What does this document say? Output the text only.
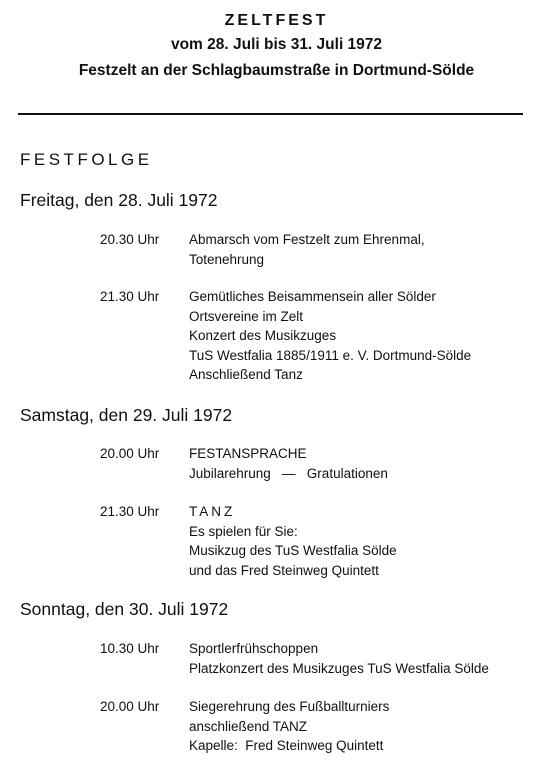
ZELTFEST
vom 28. Juli bis 31. Juli 1972
Festzelt an der Schlagbaumstraße in Dortmund-Sölde
FESTFOLGE
Freitag, den 28. Juli 1972
20.30 Uhr Abmarsch vom Festzelt zum Ehrenmal,
Totenehrung
21.30 Uhr Gemütliches Beisammensein aller Sölder
Ortsvereine im Zelt
Konzert des Musikzuges
TuS Westfalia 1885/1911 e. V. Dortmund-Sölde
Anschließend Tanz
Samstag, den 29. Juli 1972
20.00 Uhr FESTANSPRACHE
Jubilarehrung   —   Gratulationen
21.30 Uhr TANZ
Es spielen für Sie:
Musikzug des TuS Westfalia Sölde
und das Fred Steinweg Quintett
Sonntag, den 30. Juli 1972
10.30 Uhr Sportlerfrühschoppen
Platzkonzert des Musikzuges TuS Westfalia Sölde
20.00 Uhr Siegerehrung des Fußballturniers
anschließend TANZ
Kapelle:  Fred Steinweg Quintett
